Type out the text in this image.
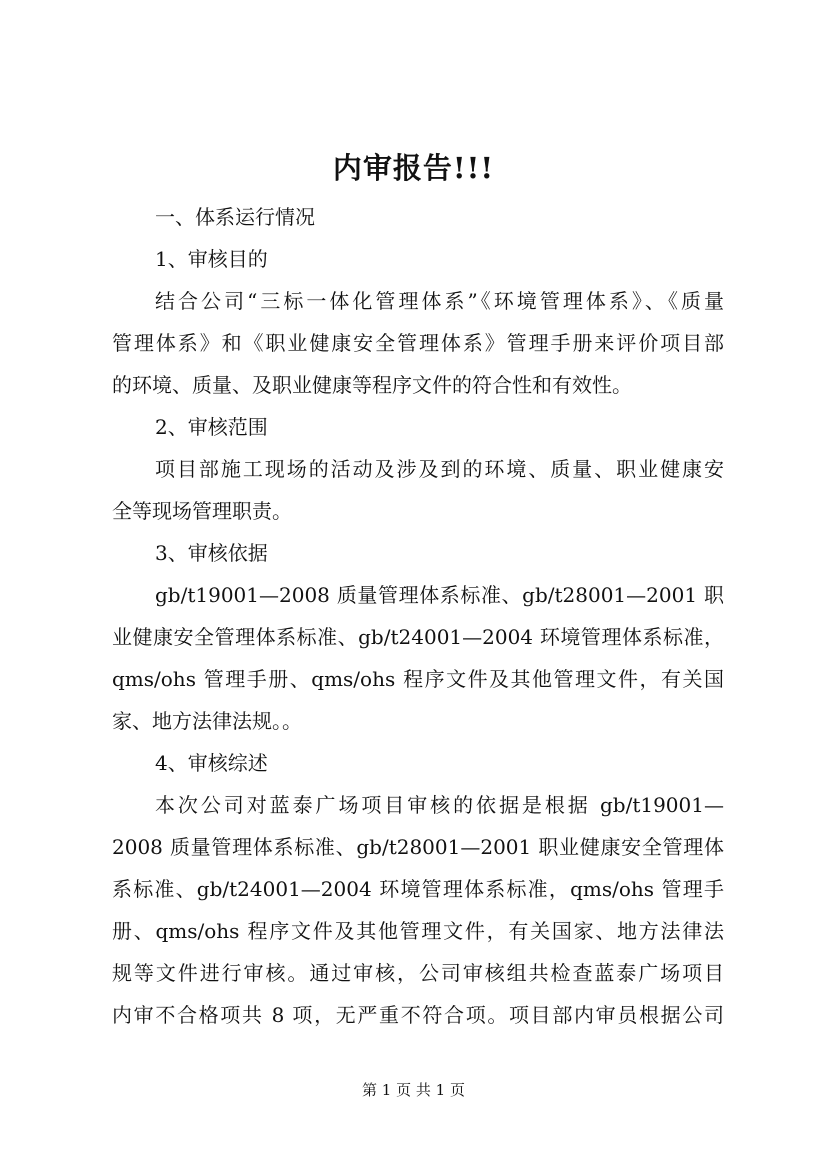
内审报告!!!
一、体系运行情况
1、审核目的
结合公司“三标一体化管理体系”《环境管理体系》、《质量
管理体系》和《职业健康安全管理体系》管理手册来评价项目部
的环境、质量、及职业健康等程序文件的符合性和有效性。
2、审核范围
项目部施工现场的活动及涉及到的环境、质量、职业健康安
全等现场管理职责。
3、审核依据
gb/t19001—2008 质量管理体系标准、gb/t28001—2001 职
业健康安全管理体系标准、gb/t24001—2004 环境管理体系标准，
qms/ohs 管理手册、qms/ohs 程序文件及其他管理文件，有关国
家、地方法律法规。。
4、审核综述
本次公司对蓝泰广场项目审核的依据是根据 gb/t19001—
2008 质量管理体系标准、gb/t28001—2001 职业健康安全管理体
系标准、gb/t24001—2004 环境管理体系标准，qms/ohs 管理手
册、qms/ohs 程序文件及其他管理文件，有关国家、地方法律法
规等文件进行审核。通过审核，公司审核组共检查蓝泰广场项目
内审不合格项共 8 项，无严重不符合项。项目部内审员根据公司
第 1 页 共 1 页
